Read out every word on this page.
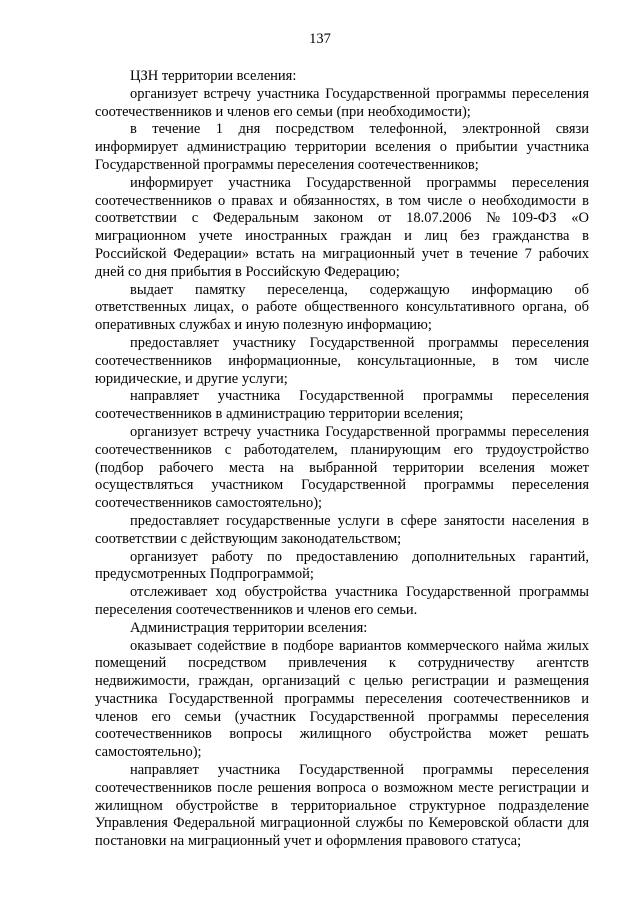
137

ЦЗН территории вселения:

организует встречу участника Государственной программы переселения соотечественников и членов его семьи (при необходимости);

в течение 1 дня посредством телефонной, электронной связи информирует администрацию территории вселения о прибытии участника Государственной программы переселения соотечественников;

информирует участника Государственной программы переселения соотечественников о правах и обязанностях, в том числе о необходимости в соответствии с Федеральным законом от 18.07.2006 №109-ФЗ «О миграционном учете иностранных граждан и лиц без гражданства в Российской Федерации» встать на миграционный учет в течение 7 рабочих дней со дня прибытия в Российскую Федерацию;

выдает памятку переселенца, содержащую информацию об ответственных лицах, о работе общественного консультативного органа, об оперативных службах и иную полезную информацию;

предоставляет участнику Государственной программы переселения соотечественников информационные, консультационные, в том числе юридические, и другие услуги;

направляет участника Государственной программы переселения соотечественников в администрацию территории вселения;

организует встречу участника Государственной программы переселения соотечественников с работодателем, планирующим его трудоустройство (подбор рабочего места на выбранной территории вселения может осуществляться участником Государственной программы переселения соотечественников самостоятельно);

предоставляет государственные услуги в сфере занятости населения в соответствии с действующим законодательством;

организует работу по предоставлению дополнительных гарантий, предусмотренных Подпрограммой;

отслеживает ход обустройства участника Государственной программы переселения соотечественников и членов его семьи.

Администрация территории вселения:

оказывает содействие в подборе вариантов коммерческого найма жилых помещений посредством привлечения к сотрудничеству агентств недвижимости, граждан, организаций с целью регистрации и размещения участника Государственной программы переселения соотечественников и членов его семьи (участник Государственной программы переселения соотечественников вопросы жилищного обустройства может решать самостоятельно);

направляет участника Государственной программы переселения соотечественников после решения вопроса о возможном месте регистрации и жилищном обустройстве в территориальное структурное подразделение Управления Федеральной миграционной службы по Кемеровской области для постановки на миграционный учет и оформления правового статуса;
